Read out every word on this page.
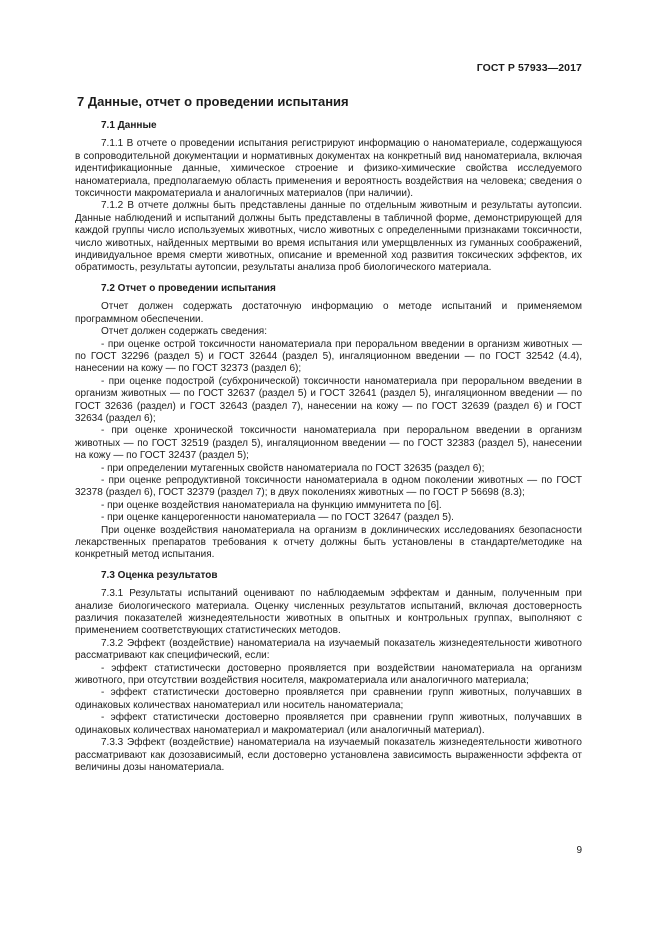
ГОСТ Р 57933—2017
7 Данные, отчет о проведении испытания
7.1 Данные

7.1.1 В отчете о проведении испытания регистрируют информацию о наноматериале, содержащуюся в сопроводительной документации и нормативных документах на конкретный вид наноматериала, включая идентификационные данные, химическое строение и физико-химические свойства исследуемого наноматериала, предполагаемую область применения и вероятность воздействия на человека; сведения о токсичности макроматериала и аналогичных материалов (при наличии).

7.1.2 В отчете должны быть представлены данные по отдельным животным и результаты аутопсии. Данные наблюдений и испытаний должны быть представлены в табличной форме, демонстрирующей для каждой группы число используемых животных, число животных с определенными признаками токсичности, число животных, найденных мертвыми во время испытания или умерщвленных из гуманных соображений, индивидуальное время смерти животных, описание и временной ход развития токсических эффектов, их обратимость, результаты аутопсии, результаты анализа проб биологического материала.

7.2 Отчет о проведении испытания

Отчет должен содержать достаточную информацию о методе испытаний и применяемом программном обеспечении.

Отчет должен содержать сведения:

- при оценке острой токсичности наноматериала при пероральном введении в организм животных — по ГОСТ 32296 (раздел 5) и ГОСТ 32644 (раздел 5), ингаляционном введении — по ГОСТ 32542 (4.4), нанесении на кожу — по ГОСТ 32373 (раздел 6);

- при оценке подострой (субхронической) токсичности наноматериала при пероральном введении в организм животных — по ГОСТ 32637 (раздел 5) и ГОСТ 32641 (раздел 5), ингаляционном введении — по ГОСТ 32636 (раздел) и ГОСТ 32643 (раздел 7), нанесении на кожу — по ГОСТ 32639 (раздел 6) и ГОСТ 32634 (раздел 6);

- при оценке хронической токсичности наноматериала при пероральном введении в организм животных — по ГОСТ 32519 (раздел 5), ингаляционном введении — по ГОСТ 32383 (раздел 5), нанесении на кожу — по ГОСТ 32437 (раздел 5);

- при определении мутагенных свойств наноматериала по ГОСТ 32635 (раздел 6);

- при оценке репродуктивной токсичности наноматериала в одном поколении животных — по ГОСТ 32378 (раздел 6), ГОСТ 32379 (раздел 7); в двух поколениях животных — по ГОСТ Р 56698 (8.3);

- при оценке воздействия наноматериала на функцию иммунитета по [6].

- при оценке канцерогенности наноматериала — по ГОСТ 32647 (раздел 5).

При оценке воздействия наноматериала на организм в доклинических исследованиях безопасности лекарственных препаратов требования к отчету должны быть установлены в стандарте/методике на конкретный метод испытания.

7.3 Оценка результатов

7.3.1 Результаты испытаний оценивают по наблюдаемым эффектам и данным, полученным при анализе биологического материала. Оценку численных результатов испытаний, включая достоверность различия показателей жизнедеятельности животных в опытных и контрольных группах, выполняют с применением соответствующих статистических методов.

7.3.2 Эффект (воздействие) наноматериала на изучаемый показатель жизнедеятельности животного рассматривают как специфический, если:

- эффект статистически достоверно проявляется при воздействии наноматериала на организм животного, при отсутствии воздействия носителя, макроматериала или аналогичного материала;

- эффект статистически достоверно проявляется при сравнении групп животных, получавших в одинаковых количествах наноматериал или носитель наноматериала;

- эффект статистически достоверно проявляется при сравнении групп животных, получавших в одинаковых количествах наноматериал и макроматериал (или аналогичный материал).

7.3.3 Эффект (воздействие) наноматериала на изучаемый показатель жизнедеятельности животного рассматривают как дозозависимый, если достоверно установлена зависимость выраженности эффекта от величины дозы наноматериала.

9
